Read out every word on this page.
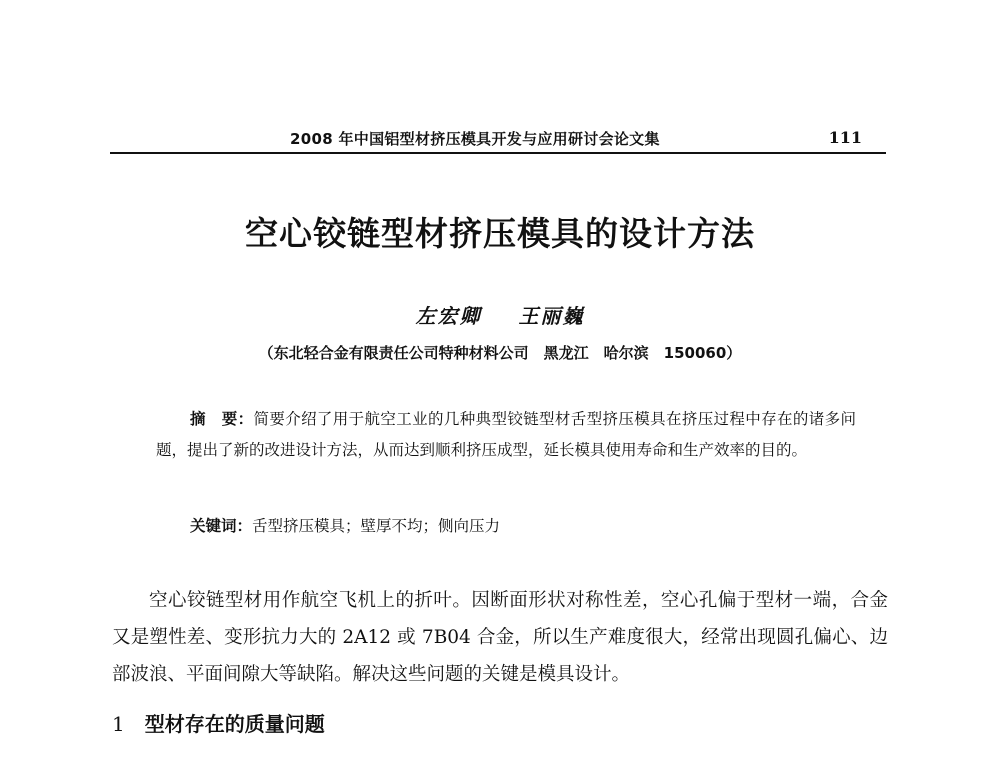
2008 年中国铝型材挤压模具开发与应用研讨会论文集	111
空心铰链型材挤压模具的设计方法
左宏卿 王丽巍
（东北轻合金有限责任公司特种材料公司　黑龙江　哈尔滨　150060）
摘　要：简要介绍了用于航空工业的几种典型铰链型材舌型挤压模具在挤压过程中存在的诸多问题，提出了新的改进设计方法，从而达到顺利挤压成型，延长模具使用寿命和生产效率的目的。
关键词：舌型挤压模具；壁厚不均；侧向压力
空心铰链型材用作航空飞机上的折叶。因断面形状对称性差，空心孔偏于型材一端，合金又是塑性差、变形抗力大的 2A12 或 7B04 合金，所以生产难度很大，经常出现圆孔偏心、边部波浪、平面间隙大等缺陷。解决这些问题的关键是模具设计。
1 型材存在的质量问题
